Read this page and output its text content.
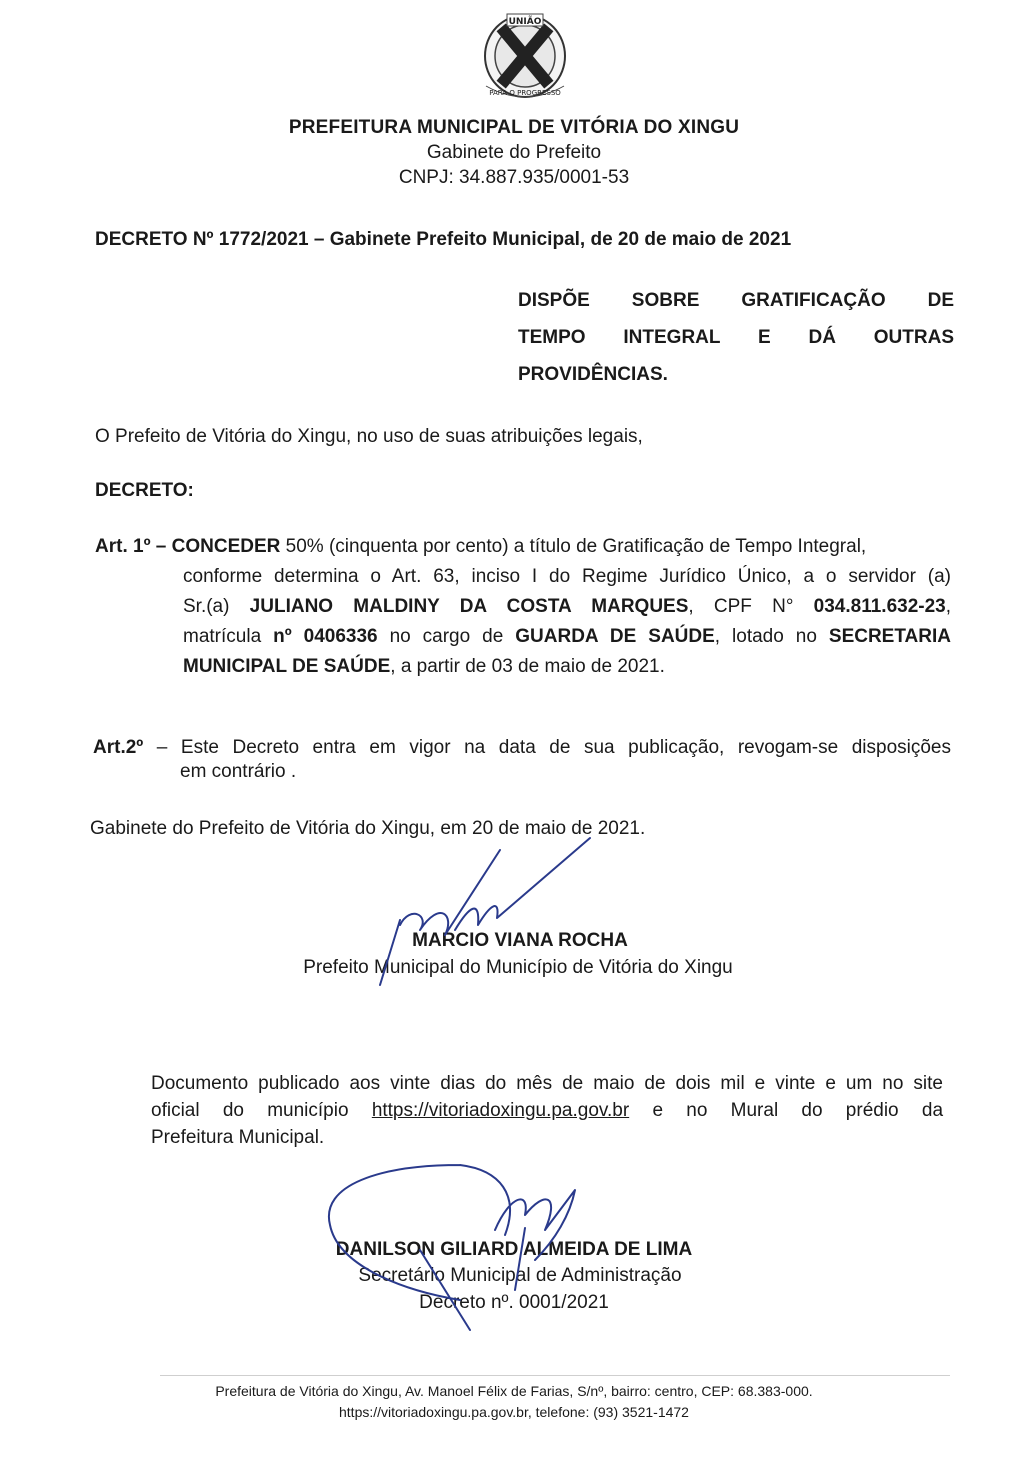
UNIÃO
PARA O PROGRESSO
PREFEITURA MUNICIPAL DE VITÓRIA DO XINGU
Gabinete do Prefeito
CNPJ: 34.887.935/0001-53
DECRETO Nº 1772/2021 – Gabinete Prefeito Municipal, de 20 de maio de 2021
DISPÕE SOBRE GRATIFICAÇÃO DE
TEMPO INTEGRAL E DÁ OUTRAS
PROVIDÊNCIAS.
O Prefeito de Vitória do Xingu, no uso de suas atribuições legais,
DECRETO:
Art. 1º – CONCEDER 50% (cinquenta por cento) a título de Gratificação de Tempo Integral,
conforme determina o Art. 63, inciso I do Regime Jurídico Único, a o servidor (a)
Sr.(a) JULIANO MALDINY DA COSTA MARQUES, CPF N° 034.811.632-23,
matrícula nº 0406336 no cargo de GUARDA DE SAÚDE, lotado no SECRETARIA
MUNICIPAL DE SAÚDE, a partir de 03 de maio de 2021.
Art.2º – Este Decreto entra em vigor na data de sua publicação, revogam-se disposições
em contrário .
Gabinete do Prefeito de Vitória do Xingu, em 20 de maio de 2021.
MARCIO VIANA ROCHA
Prefeito Municipal do Município de Vitória do Xingu
Documento publicado aos vinte dias do mês de maio de dois mil e vinte e um no site
oficial do município https://vitoriadoxingu.pa.gov.br e no Mural do prédio da
Prefeitura Municipal.
DANILSON GILIARD ALMEIDA DE LIMA
Secretário Municipal de Administração
Decreto nº. 0001/2021
Prefeitura de Vitória do Xingu, Av. Manoel Félix de Farias, S/nº, bairro: centro, CEP: 68.383-000.
https://vitoriadoxingu.pa.gov.br, telefone: (93) 3521-1472
